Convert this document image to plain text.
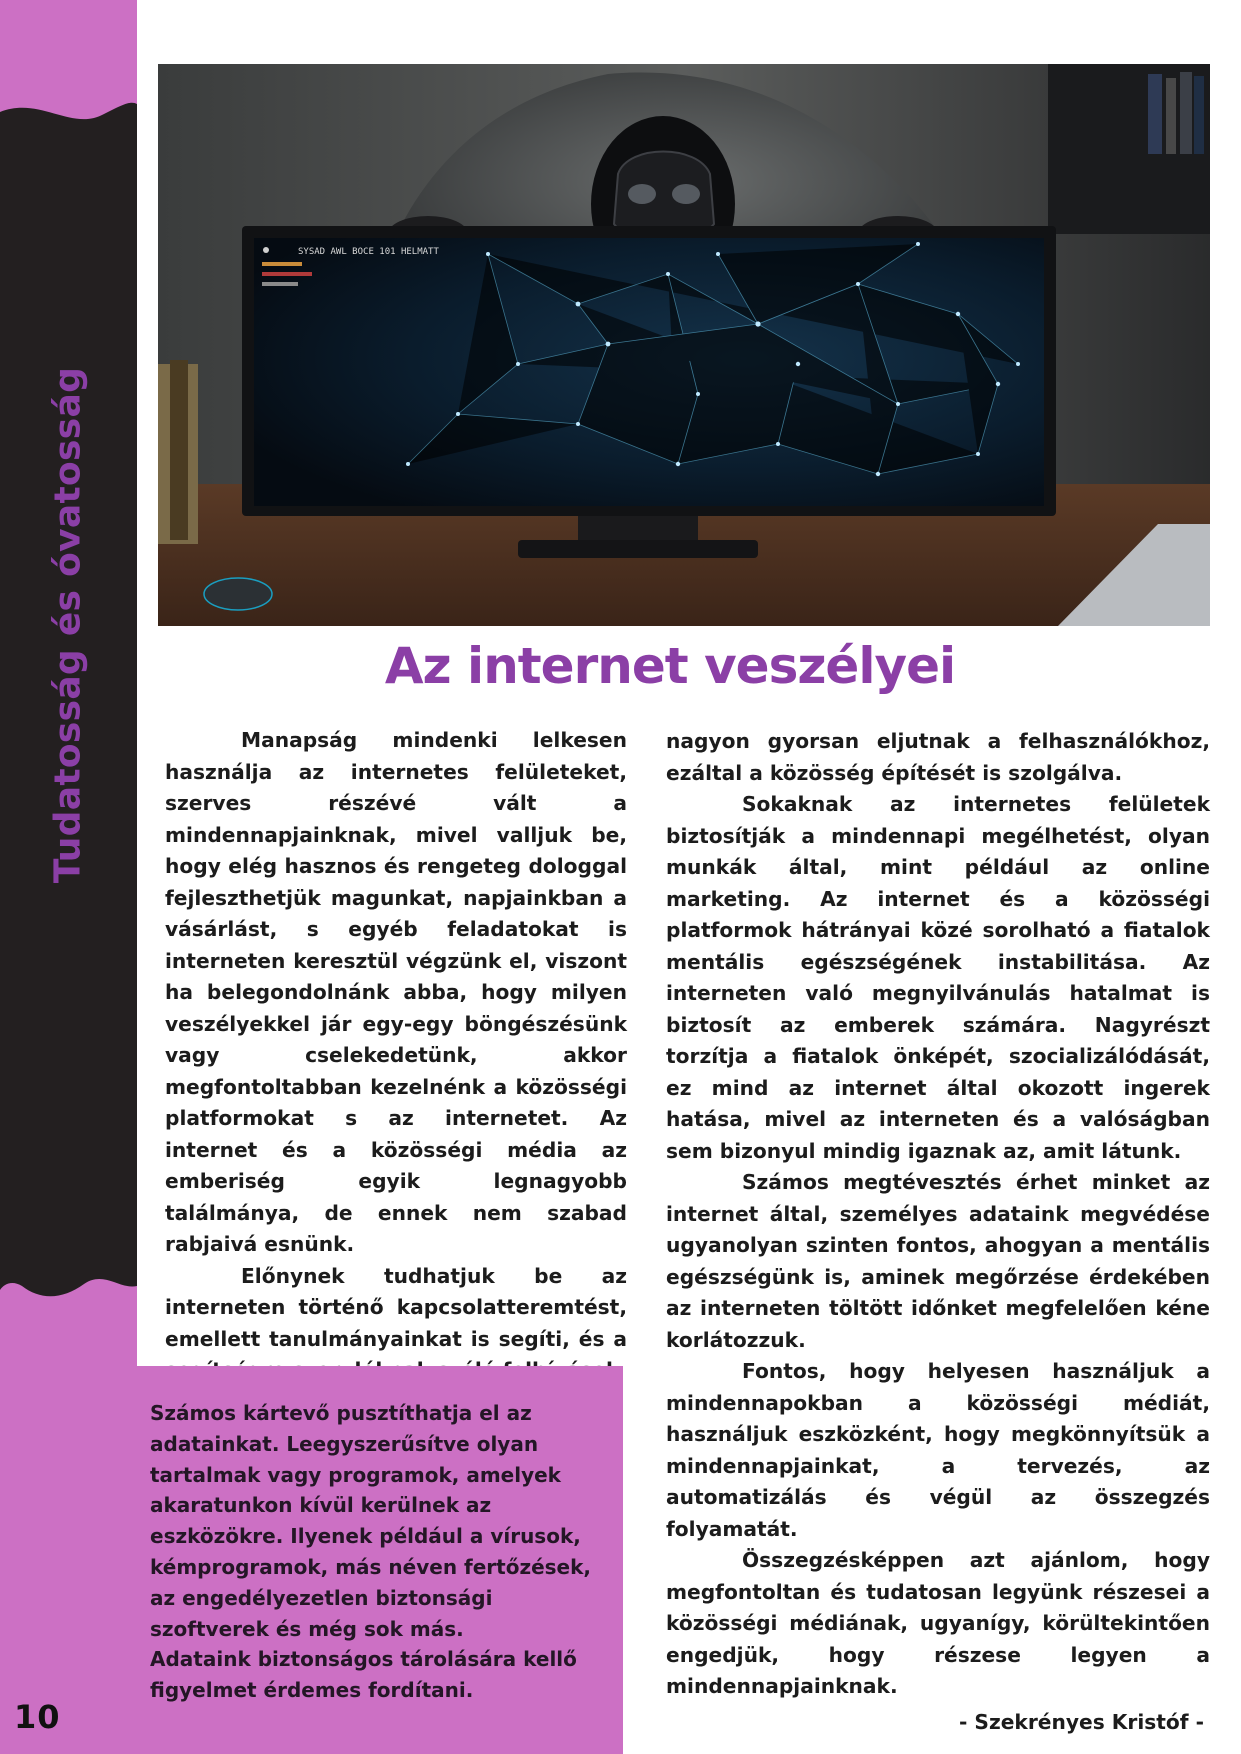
Tudatosság és óvatosság
10
SYSAD AWL BOCE 101 HELMATT
Az internet veszélyei

Manapság mindenki lelkesen használja az internetes felületeket, szerves részévé vált a mindennapjainknak, mivel valljuk be, hogy elég hasznos és rengeteg dologgal fejleszthetjük magunkat, napjainkban a vásárlást, s egyéb feladatokat is interneten keresztül végzünk el, viszont ha belegondolnánk abba, hogy milyen veszélyekkel jár egy-egy böngészésünk vagy cselekedetünk, akkor megfontoltabban kezelnénk a közösségi platformokat s az internetet. Az internet és a közösségi média az emberiség egyik legnagyobb találmánya, de ennek nem szabad rabjaivá esnünk.

Előnynek tudhatjuk be az interneten történő kapcsolatteremtést, emellett tanulmányainkat is segíti, és a

nagyon gyorsan eljutnak a felhasználókhoz, ezáltal a közösség építését is szolgálva.

Sokaknak az internetes felületek biztosítják a mindennapi megélhetést, olyan munkák által, mint például az online marketing. Az internet és a közösségi platformok hátrányai közé sorolható a fiatalok mentális egészségének instabilitása. Az interneten való megnyilvánulás hatalmat is biztosít az emberek számára. Nagyrészt torzítja a fiatalok önképét, szocializálódását, ez mind az internet által okozott ingerek hatása, mivel az interneten és a valóságban sem bizonyul mindig igaznak az, amit látunk.

Számos megtévesztés érhet minket az internet által, személyes adataink megvédése ugyanolyan szinten fontos, ahogyan a mentális egészségünk is, aminek megőrzése érdekében az interneten töltött időnket megfelelően kéne korlátozzuk.

Fontos, hogy helyesen használjuk a mindennapokban a közösségi médiát, használjuk eszközként, hogy megkönnyítsük a mindennapjainkat, a tervezés, az automatizálás és végül az összegzés folyamatát.

Összegzésképpen azt ajánlom, hogy megfontoltan és tudatosan legyünk részesei a közösségi médiának, ugyanígy, körültekintően engedjük, hogy részese legyen a mindennapjainknak.

- Szekrényes Kristóf -

Számos kártevő pusztíthatja el az adatainkat. Leegyszerűsítve olyan tartalmak vagy programok, amelyek akaratunkon kívül kerülnek az eszközökre. Ilyenek például a vírusok, kémprogramok, más néven fertőzések, az engedélyezetlen biztonsági szoftverek és még sok más.

Adataink biztonságos tárolására kellő figyelmet érdemes fordítani.
